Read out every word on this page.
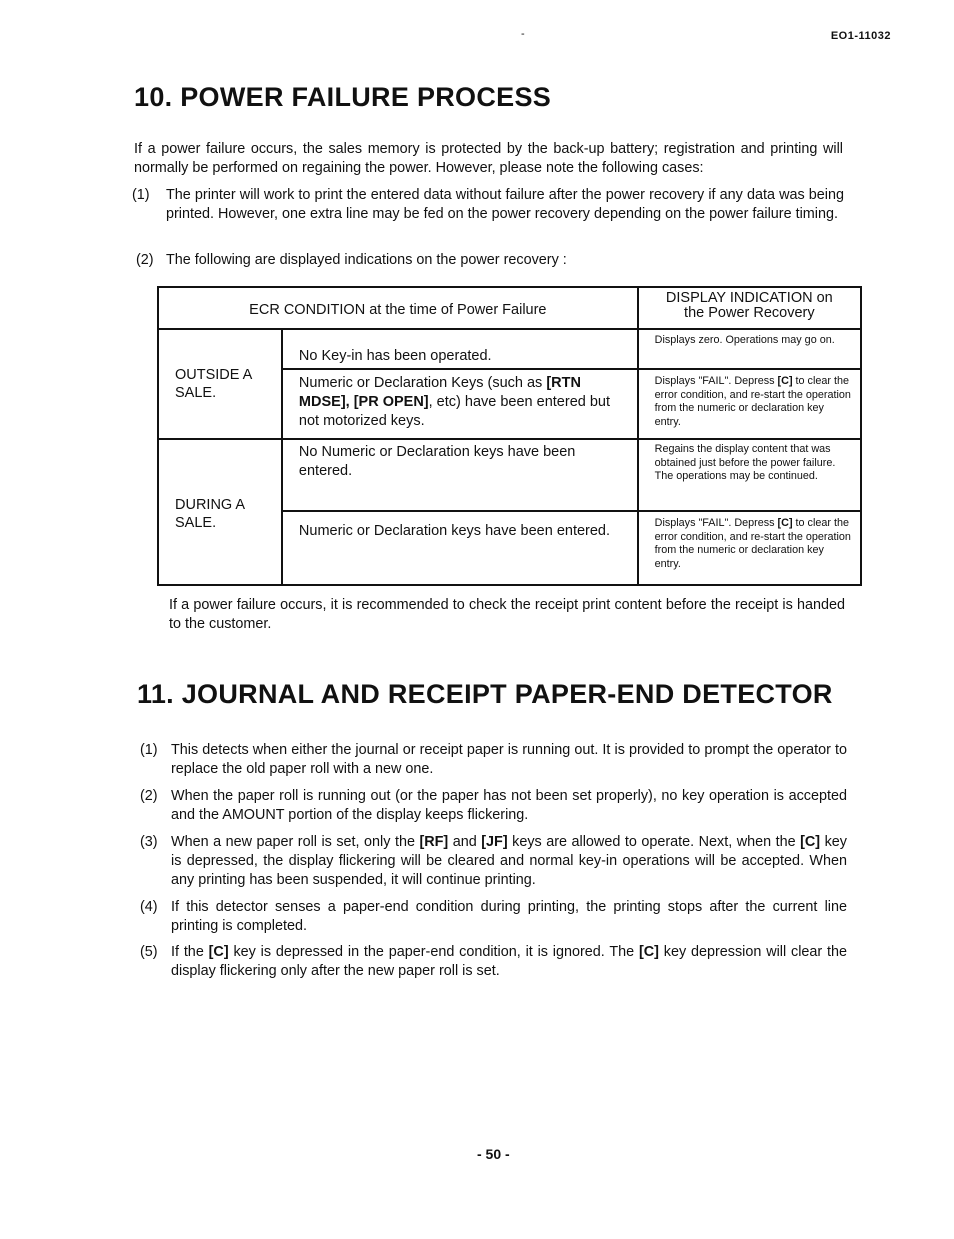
-	EO1-11032
10. POWER FAILURE PROCESS
If a power failure occurs, the sales memory is protected by the back-up battery; registration and printing will normally be performed on regaining the power. However, please note the following cases:
(1) The printer will work to print the entered data without failure after the power recovery if any data was being printed. However, one extra line may be fed on the power recovery depending on the power failure timing.
(2) The following are displayed indications on the power recovery :
ECR CONDITION at the time of Power Failure		DISPLAY INDICATION on
the Power Recovery

OUTSIDE A SALE.	No Key-in has been operated.	Displays zero. Operations may go on.

	Numeric or Declaration Keys (such as [RTN MDSE], [PR OPEN], etc) have been entered but not motorized keys.	Displays "FAIL". Depress [C] to clear the error condition, and re-start the operation from the numeric or declaration key entry.

DURING A SALE.	No Numeric or Declaration keys have been entered.	Regains the display content that was obtained just before the power failure. The operations may be continued.

	Numeric or Declaration keys have been entered.	Displays "FAIL". Depress [C] to clear the error condition, and re-start the operation from the numeric or declaration key entry.
If a power failure occurs, it is recommended to check the receipt print content before the receipt is handed to the customer.
11. JOURNAL AND RECEIPT PAPER-END DETECTOR
(1) This detects when either the journal or receipt paper is running out. It is provided to prompt the operator to replace the old paper roll with a new one.
(2) When the paper roll is running out (or the paper has not been set properly), no key operation is accepted and the AMOUNT portion of the display keeps flickering.
(3) When a new paper roll is set, only the [RF] and [JF] keys are allowed to operate. Next, when the [C] key is depressed, the display flickering will be cleared and normal key-in operations will be accepted. When any printing has been suspended, it will continue printing.
(4) If this detector senses a paper-end condition during printing, the printing stops after the current line printing is completed.
(5) If the [C] key is depressed in the paper-end condition, it is ignored. The [C] key depression will clear the display flickering only after the new paper roll is set.
- 50 -
